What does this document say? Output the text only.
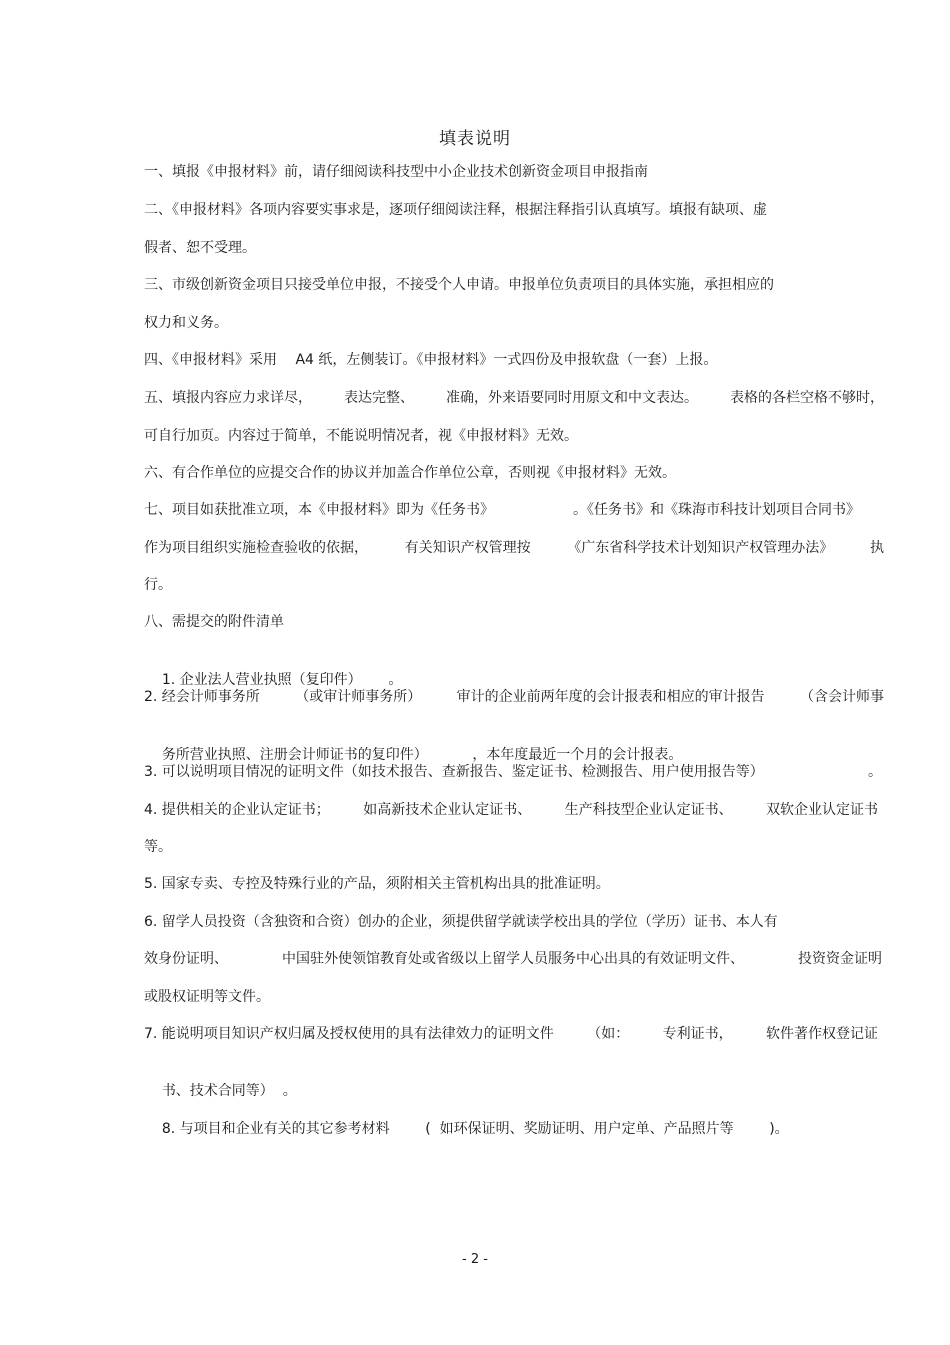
填表说明
一、填报《申报材料》前，请仔细阅读科技型中小企业技术创新资金项目申报指南
二、《申报材料》各项内容要实事求是，逐项仔细阅读注释，根据注释指引认真填写。填报有缺项、虚
假者、恕不受理。
三、市级创新资金项目只接受单位申报，不接受个人申请。申报单位负责项目的具体实施，承担相应的
权力和义务。
四、《申报材料》采用　 A4 纸，左侧装订。《申报材料》一式四份及申报软盘（一套）上报。
五、填报内容应力求详尽， 表达完整、 准确，外来语要同时用原文和中文表达。 表格的各栏空格不够时，
可自行加页。内容过于简单，不能说明情况者，视《申报材料》无效。
六、有合作单位的应提交合作的协议并加盖合作单位公章，否则视《申报材料》无效。
七、项目如获批准立项，本《申报材料》即为《任务书》	。《任务书》和《珠海市科技计划项目合同书》
作为项目组织实施检查验收的依据，	有关知识产权管理按	《广东省科学技术计划知识产权管理办法》	执
行。
八、需提交的附件清单

1. 企业法人营业执照（复印件） 。

2. 经会计师事务所	（或审计师事务所）	审计的企业前两年度的会计报表和相应的审计报告	（含会计师事

务所营业执照、注册会计师证书的复印件）	，本年度最近一个月的会计报表。

3. 可以说明项目情况的证明文件（如技术报告、查新报告、鉴定证书、检测报告、用户使用报告等）	。
4. 提供相关的企业认定证书； 如高新技术企业认定证书、 生产科技型企业认定证书、 双软企业认定证书
等。
5. 国家专卖、专控及特殊行业的产品，须附相关主管机构出具的批准证明。
6. 留学人员投资（含独资和合资）创办的企业，须提供留学就读学校出具的学位（学历）证书、本人有
效身份证明、	中国驻外使领馆教育处或省级以上留学人员服务中心出具的有效证明文件、	投资资金证明
或股权证明等文件。
7. 能说明项目知识产权归属及授权使用的具有法律效力的证明文件 （如： 专利证书， 软件著作权登记证

书、技术合同等） 。

8. 与项目和企业有关的其它参考材料	( 如环保证明、奖励证明、用户定单、产品照片等	)。

- 2 -
